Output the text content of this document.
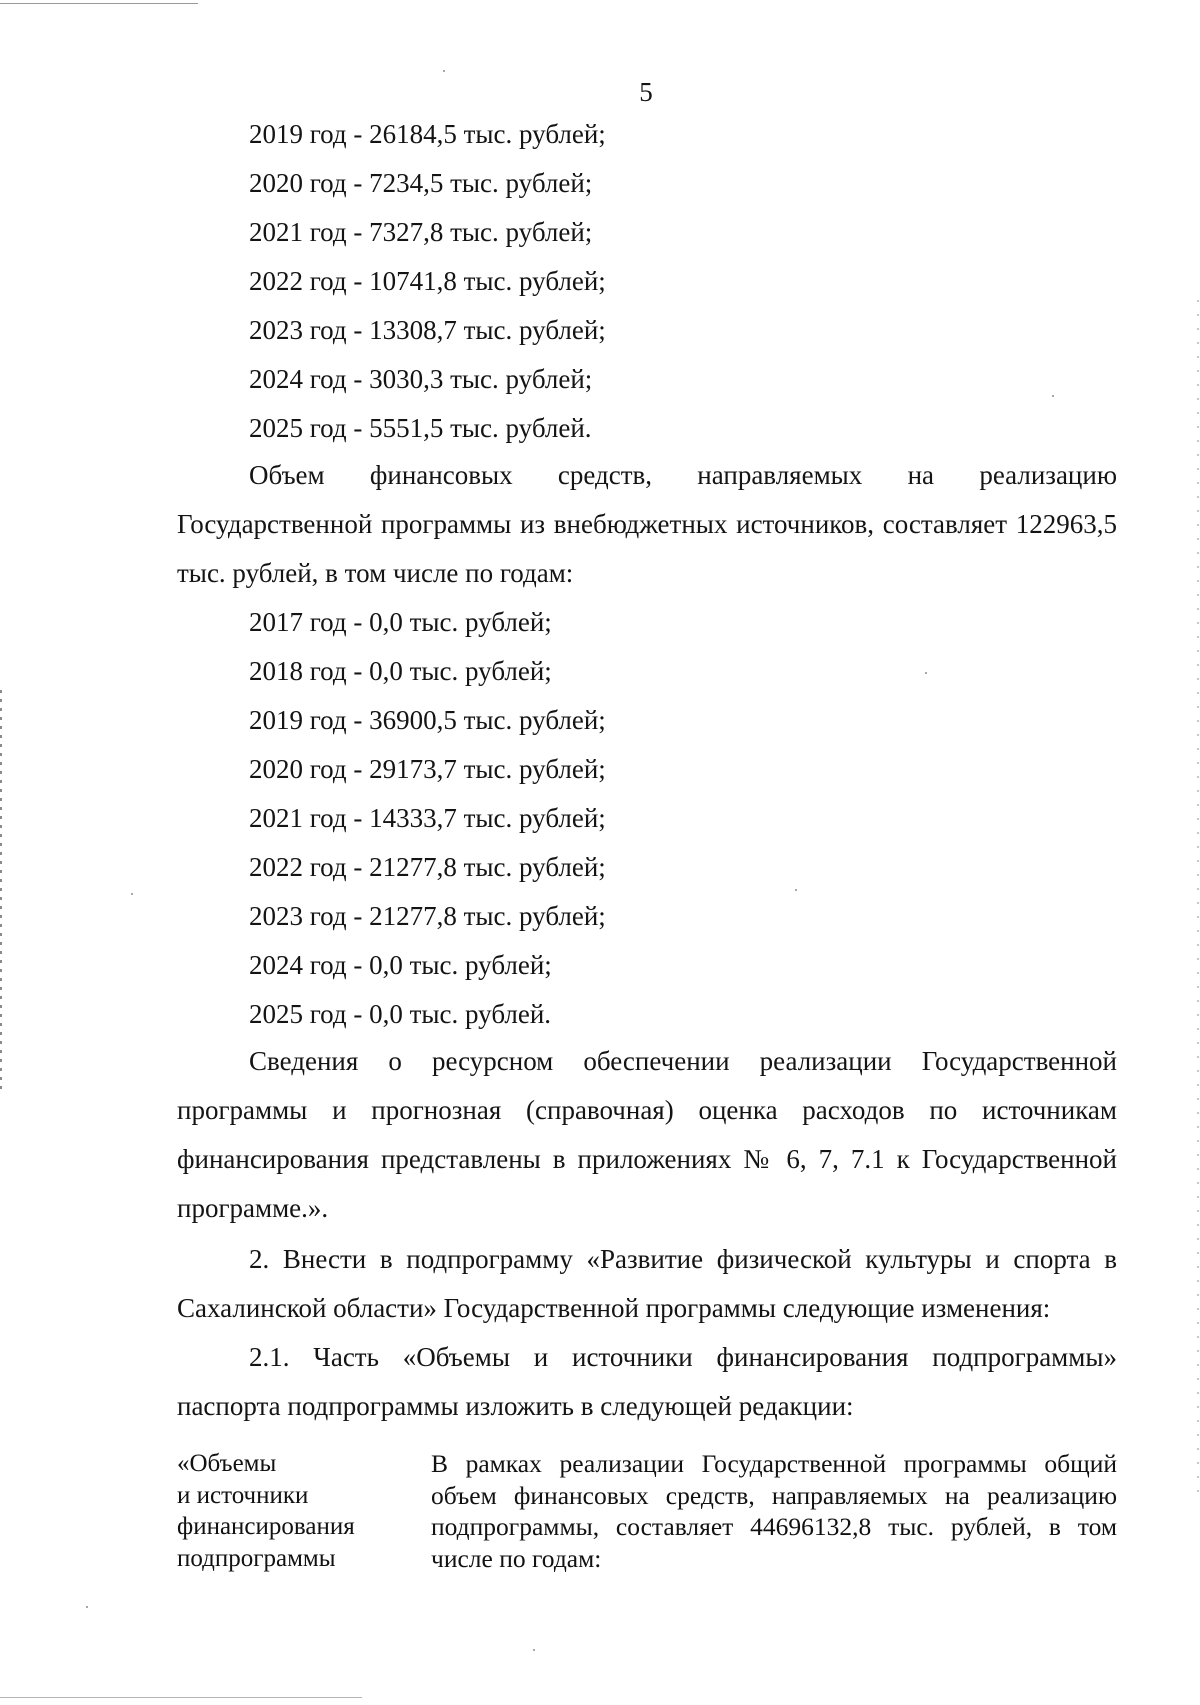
5
2019 год - 26184,5 тыс. рублей;
2020 год - 7234,5 тыс. рублей;
2021 год - 7327,8 тыс. рублей;
2022 год - 10741,8 тыс. рублей;
2023 год - 13308,7 тыс. рублей;
2024 год - 3030,3 тыс. рублей;
2025 год - 5551,5 тыс. рублей.

Объем финансовых средств, направляемых на реализацию Государственной программы из внебюджетных источников, составляет 122963,5 тыс. рублей, в том числе по годам:

2017 год - 0,0 тыс. рублей;
2018 год - 0,0 тыс. рублей;
2019 год - 36900,5 тыс. рублей;
2020 год - 29173,7 тыс. рублей;
2021 год - 14333,7 тыс. рублей;
2022 год - 21277,8 тыс. рублей;
2023 год - 21277,8 тыс. рублей;
2024 год - 0,0 тыс. рублей;
2025 год - 0,0 тыс. рублей.

Сведения о ресурсном обеспечении реализации Государственной программы и прогнозная (справочная) оценка расходов по источникам финансирования представлены в приложениях № 6, 7, 7.1 к Государственной программе.».

2. Внести в подпрограмму «Развитие физической культуры и спорта в Сахалинской области» Государственной программы следующие изменения:

2.1. Часть «Объемы и источники финансирования подпрограммы» паспорта подпрограммы изложить в следующей редакции:

«Объемы
и источники
финансирования
подпрограммы

В рамках реализации Государственной программы общий объем финансовых средств, направляемых на реализацию подпрограммы, составляет 44696132,8 тыс. рублей, в том числе по годам:
